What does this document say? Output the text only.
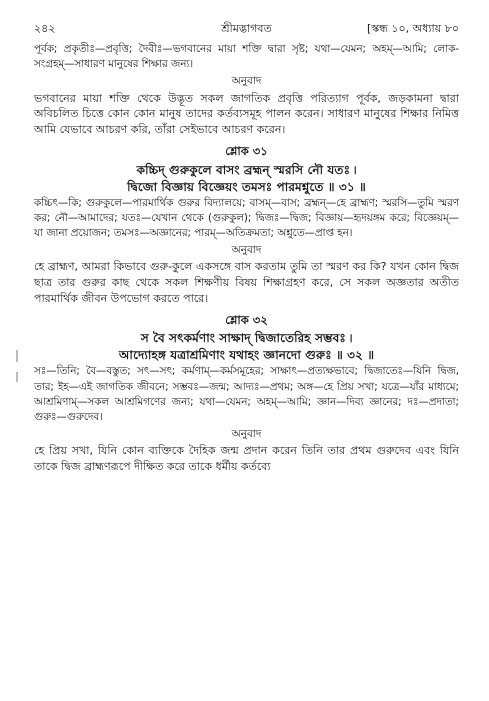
২৪২	শ্রীমদ্ভাগবত	[স্কন্ধ ১০, অধ্যায় ৮০

পূর্বক; প্রকৃতীঃ—প্রবৃত্তি; দৈবীঃ—ভগবানের মায়া শক্তি দ্বারা সৃষ্ট; যথা—যেমন; অহম্‌—আমি; লোক-সংগ্রহম্‌—সাধারণ মানুষের শিক্ষার জন্য।

অনুবাদ

ভগবানের মায়া শক্তি থেকে উদ্ভূত সকল জাগতিক প্রবৃত্তি পরিত্যাগ পূর্বক, জড়কামনা দ্বারা অবিচলিত চিত্তে কোন কোন মানুষ তাদের কর্তব্যসমূহ পালন করেন। সাধারণ মানুষের শিক্ষার নিমিত্ত আমি যেভাবে আচরণ করি, তাঁরা সেইভাবে আচরণ করেন।

শ্লোক ৩১
কচ্চিদ্ গুরুকুলে বাসং ব্রহ্মন্ স্মরসি নৌ যতঃ ৷
দ্বিজো বিজ্ঞায় বিজ্ঞেয়ং তমসঃ পারমশ্নুতে ॥ ৩১ ॥

কচ্চিৎ—কি; গুরুকুলে—পারমার্থিক গুরুর বিদ্যালয়ে; বাসম্‌—বাস; ব্রহ্মন্‌—হে ব্রাহ্মণ; স্মরসি—তুমি স্মরণ কর; নৌ—আমাদের; যতঃ—যেখান থেকে (গুরুকুল); দ্বিজঃ—দ্বিজ; বিজ্ঞায়—হৃদয়ঙ্গম করে; বিজ্ঞেয়ম্‌—যা জানা প্রয়োজন; তমসঃ—অজ্ঞানের; পারম্‌—অতিক্রমতা; অশ্নুতে—প্রাপ্ত হন।

অনুবাদ

হে ব্রাহ্মণ, আমরা কিভাবে গুরু-কুলে একসঙ্গে বাস করতাম তুমি তা স্মরণ কর কি? যখন কোন দ্বিজ ছাত্র তার গুরুর কাছ থেকে সকল শিক্ষণীয় বিষয় শিক্ষাগ্রহণ করে, সে সকল অজ্ঞতার অতীত পারমার্থিক জীবন উপভোগ করতে পারে।

শ্লোক ৩২
স বৈ সৎকর্মণাং সাক্ষাদ্ দ্বিজাতেরিহ সম্ভবঃ ৷
আদ্যোহঙ্গ যত্রাশ্রমিণাং যথাহং জ্ঞানদো গুরুঃ ॥ ৩২ ॥

সঃ—তিনি; বৈ—বস্তুত; সৎ—সৎ; কর্মণাম্‌—কর্মসমূহের; সাক্ষাৎ—প্রত্যক্ষভাবে; দ্বিজাতেঃ—যিনি দ্বিজ, তার; ইহ—এই জাগতিক জীবনে; সম্ভবঃ—জন্ম; আদ্যঃ—প্রথম; অঙ্গ—হে প্রিয় সখা; যত্রে—যাঁর মাধ্যমে; আশ্রমিণাম্‌—সকল আশ্রমিগণের জন্য; যথা—যেমন; অহম্‌—আমি; জ্ঞান—দিব্য জ্ঞানের; দঃ—প্রদাতা; গুরুঃ—গুরুদেব।

অনুবাদ

হে প্রিয় সখা, যিনি কোন ব্যক্তিকে দৈহিক জন্ম প্রদান করেন তিনি তার প্রথম গুরুদেব এবং যিনি তাকে দ্বিজ ব্রাহ্মণরূপে দীক্ষিত করে তাকে ধর্মীয় কর্তব্যে
